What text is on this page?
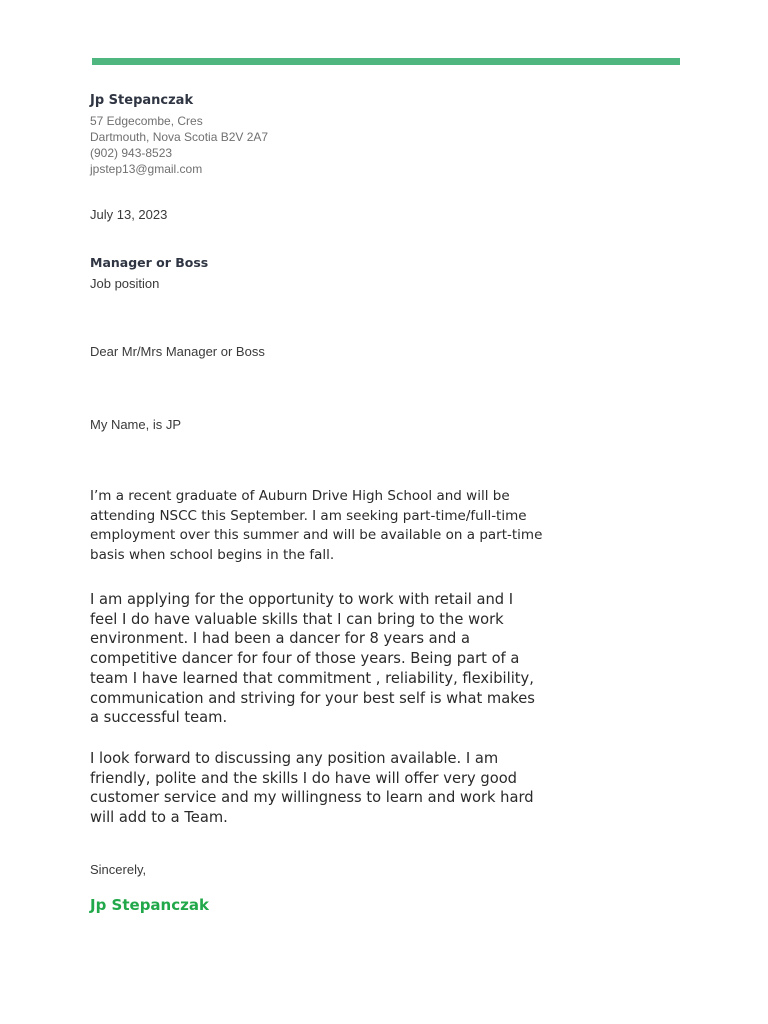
Jp Stepanczak
57 Edgecombe, Cres
Dartmouth, Nova Scotia B2V 2A7
(902) 943-8523
jpstep13@gmail.com
July 13, 2023
Manager or Boss
Job position
Dear Mr/Mrs Manager or Boss
My Name, is JP
I’m a recent graduate of Auburn Drive High School and will be
attending NSCC this September. I am seeking part-time/full-time
employment over this summer and will be available on a part-time
basis when school begins in the fall.
I am applying for the opportunity to work with retail and I
feel I do have valuable skills that I can bring to the work
environment. I had been a dancer for 8 years and a
competitive dancer for four of those years. Being part of a
team I have learned that commitment , reliability, flexibility,
communication and striving for your best self is what makes
a successful team.
I look forward to discussing any position available. I am
friendly, polite and the skills I do have will offer very good
customer service and my willingness to learn and work hard
will add to a Team.
Sincerely,
Jp Stepanczak
